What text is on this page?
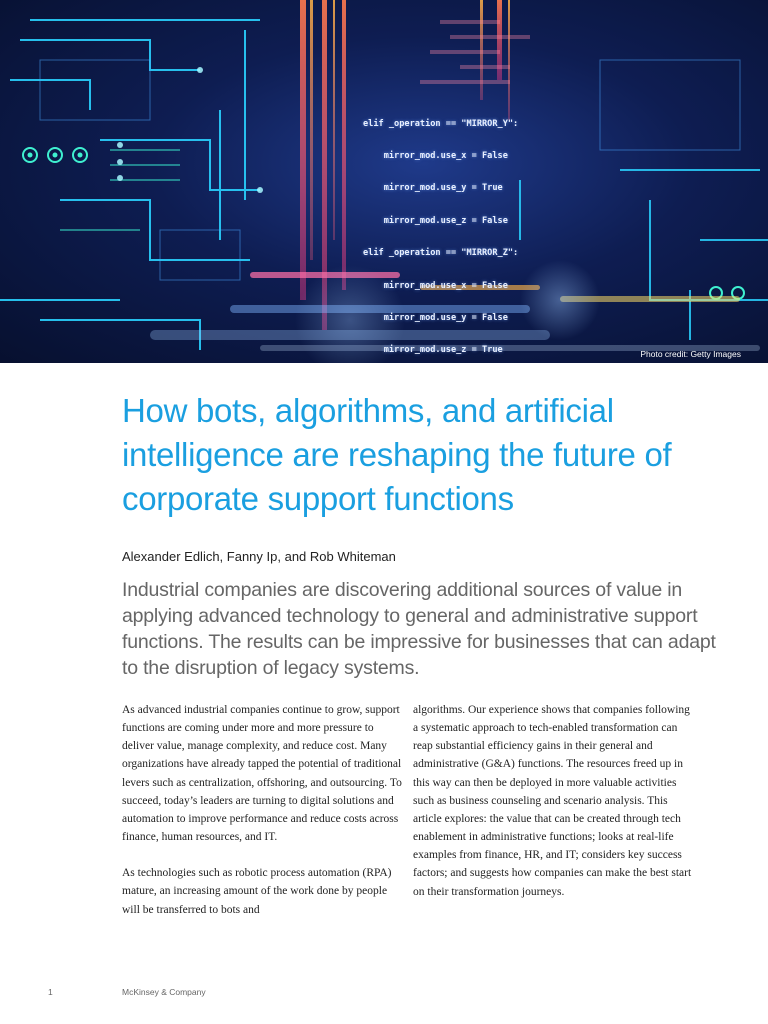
elif _operation == "MIRROR_Y":

mirror_mod.use_x = False

mirror_mod.use_y = True

mirror_mod.use_z = False

elif _operation == "MIRROR_Z":

mirror_mod.use_x = False

mirror_mod.use_y = False

mirror_mod.use_z = True

	Photo credit: Getty Images
How bots, algorithms, and artificial intelligence are reshaping the future of corporate support functions
Alexander Edlich, Fanny Ip, and Rob Whiteman

Industrial companies are discovering additional sources of value in applying advanced technology to general and administrative support functions. The results can be impressive for businesses that can adapt to the disruption of legacy systems.

As advanced industrial companies continue to grow, support functions are coming under more and more pressure to deliver value, manage complexity, and reduce cost. Many organizations have already tapped the potential of traditional levers such as centralization, offshoring, and outsourcing. To succeed, today’s leaders are turning to digital solutions and automation to improve performance and reduce costs across finance, human resources, and IT.

As technologies such as robotic process automation (RPA) mature, an increasing amount of the work done by people will be transferred to bots and

algorithms. Our experience shows that companies following a systematic approach to tech-enabled transformation can reap substantial efficiency gains in their general and administrative (G&A) functions. The resources freed up in this way can then be deployed in more valuable activities such as business counseling and scenario analysis. This article explores: the value that can be created through tech enablement in administrative functions; looks at real-life examples from finance, HR, and IT; considers key success factors; and suggests how companies can make the best start on their transformation journeys.

1	McKinsey & Company
